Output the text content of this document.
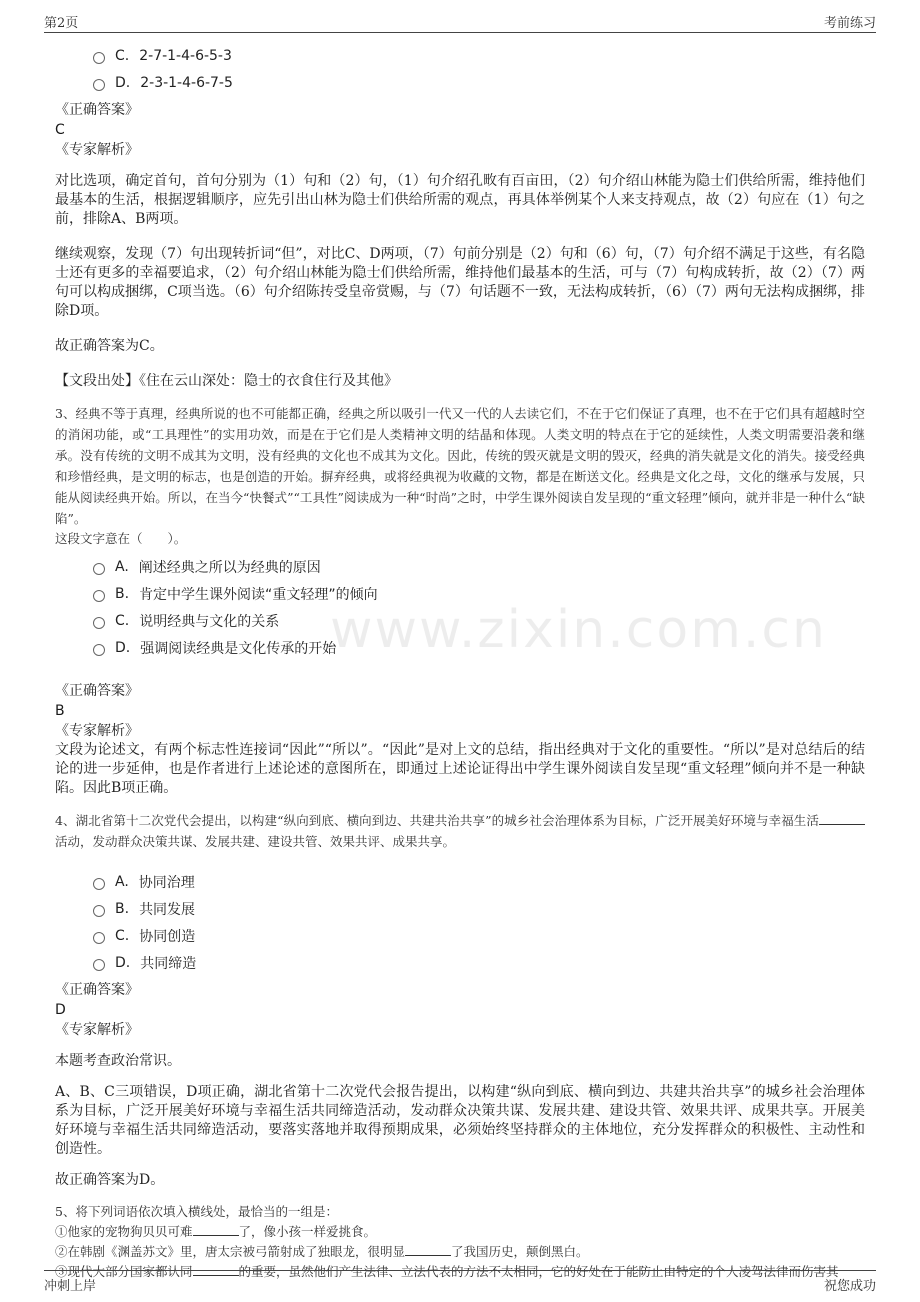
第2页	考前练习
www.zixin.com.cn
C. 2-7-1-4-6-5-3
D. 2-3-1-4-6-7-5
《正确答案》
C
《专家解析》

对比选项，确定首句，首句分别为（1）句和（2）句，（1）句介绍孔畋有百亩田，（2）句介绍山林能为隐士们供给所需，维持他们最基本的生活，根据逻辑顺序，应先引出山林为隐士们供给所需的观点，再具体举例某个人来支持观点，故（2）句应在（1）句之前，排除A、B两项。

继续观察，发现（7）句出现转折词“但”，对比C、D两项，（7）句前分别是（2）句和（6）句，（7）句介绍不满足于这些，有名隐士还有更多的幸福要追求，（2）句介绍山林能为隐士们供给所需，维持他们最基本的生活，可与（7）句构成转折，故（2）（7）两句可以构成捆绑，C项当选。（6）句介绍陈抟受皇帝赏赐，与（7）句话题不一致，无法构成转折，（6）（7）两句无法构成捆绑，排除D项。

故正确答案为C。

【文段出处】《住在云山深处：隐士的衣食住行及其他》

3、经典不等于真理，经典所说的也不可能都正确，经典之所以吸引一代又一代的人去读它们，不在于它们保证了真理，也不在于它们具有超越时空的消闲功能，或“工具理性”的实用功效，而是在于它们是人类精神文明的结晶和体现。人类文明的特点在于它的延续性，人类文明需要沿袭和继承。没有传统的文明不成其为文明，没有经典的文化也不成其为文化。因此，传统的毁灭就是文明的毁灭，经典的消失就是文化的消失。接受经典和珍惜经典，是文明的标志，也是创造的开始。摒弃经典，或将经典视为收藏的文物，都是在断送文化。经典是文化之母，文化的继承与发展，只能从阅读经典开始。所以，在当今“快餐式”“工具性”阅读成为一种“时尚”之时，中学生课外阅读自发呈现的“重文轻理”倾向，就并非是一种什么“缺陷”。

这段文字意在（　　）。
A. 阐述经典之所以为经典的原因
B. 肯定中学生课外阅读“重文轻理”的倾向
C. 说明经典与文化的关系
D. 强调阅读经典是文化传承的开始
《正确答案》
B
《专家解析》

文段为论述文，有两个标志性连接词“因此”“所以”。“因此”是对上文的总结，指出经典对于文化的重要性。“所以”是对总结后的结论的进一步延伸，也是作者进行上述论述的意图所在，即通过上述论证得出中学生课外阅读自发呈现“重文轻理”倾向并不是一种缺陷。因此B项正确。

4、湖北省第十二次党代会提出，以构建“纵向到底、横向到边、共建共治共享”的城乡社会治理体系为目标，广泛开展美好环境与幸福生活活动，发动群众决策共谋、发展共建、建设共管、效果共评、成果共享。

A. 协同治理
B. 共同发展
C. 协同创造
D. 共同缔造
《正确答案》
D
《专家解析》

本题考查政治常识。

A、B、C三项错误，D项正确，湖北省第十二次党代会报告提出，以构建“纵向到底、横向到边、共建共治共享”的城乡社会治理体系为目标，广泛开展美好环境与幸福生活共同缔造活动，发动群众决策共谋、发展共建、建设共管、效果共评、成果共享。开展美好环境与幸福生活共同缔造活动，要落实落地并取得预期成果，必须始终坚持群众的主体地位，充分发挥群众的积极性、主动性和创造性。

故正确答案为D。

5、将下列词语依次填入横线处，最恰当的一组是：
①他家的宠物狗贝贝可难	了，像小孩一样爱挑食。
②在韩剧《渊盖苏文》里，唐太宗被弓箭射成了独眼龙，很明显	了我国历史，颠倒黑白。
③现代大部分国家都认同	的重要，虽然他们产生法律、立法代表的方法不太相同，它的好处在于能防止由特定的个人凌驾法律而伤害其
冲刺上岸	祝您成功
